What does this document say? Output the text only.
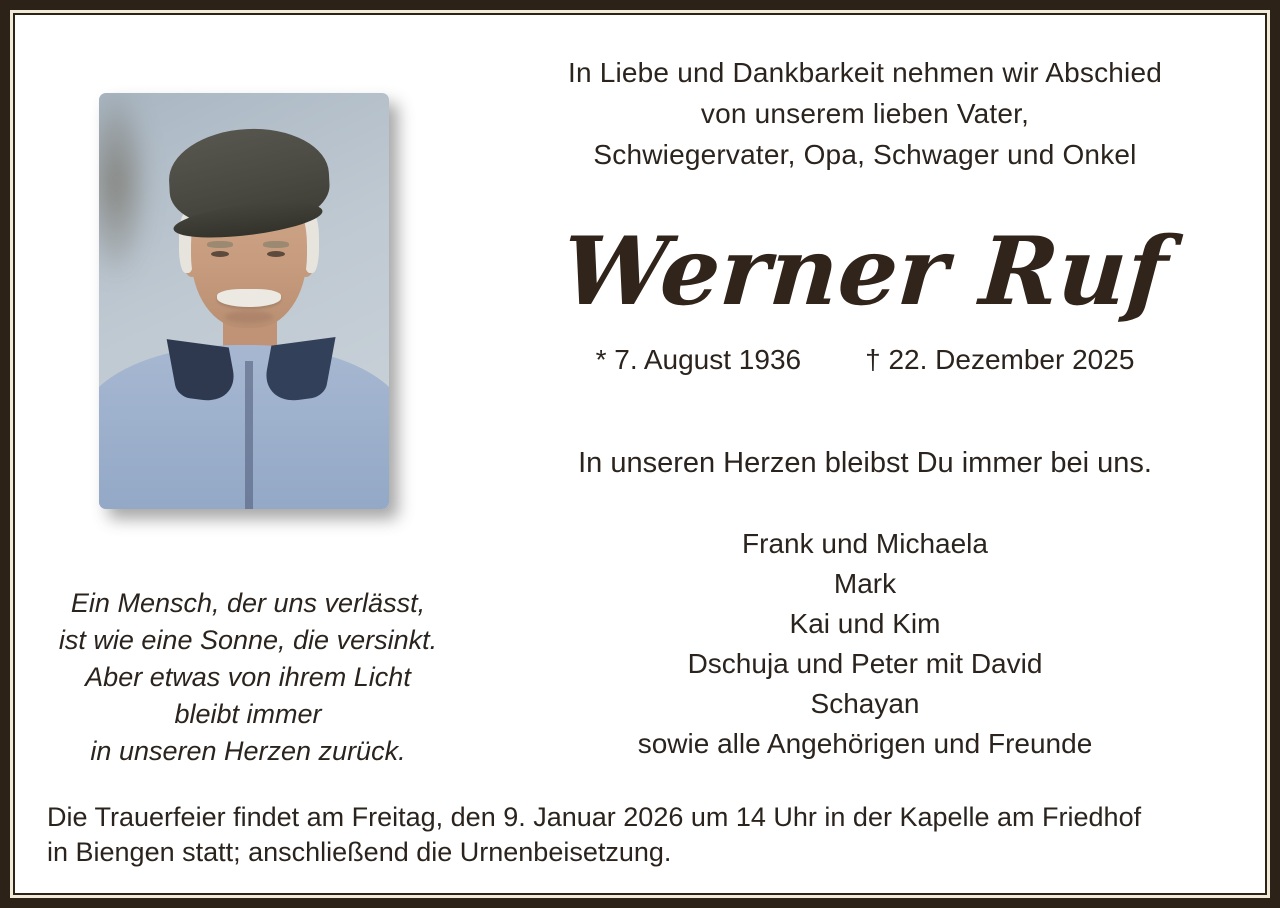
In Liebe und Dankbarkeit nehmen wir Abschied
von unserem lieben Vater,
Schwiegervater, Opa, Schwager und Onkel
Werner Ruf
* 7. August 1936 † 22. Dezember 2025
In unseren Herzen bleibst Du immer bei uns.
Frank und Michaela
Mark
Kai und Kim
Dschuja und Peter mit David
Schayan
sowie alle Angehörigen und Freunde
Ein Mensch, der uns verlässt,
ist wie eine Sonne, die versinkt.
Aber etwas von ihrem Licht
bleibt immer
in unseren Herzen zurück.
Die Trauerfeier findet am Freitag, den 9. Januar 2026 um 14 Uhr in der Kapelle am Friedhof
in Biengen statt; anschließend die Urnenbeisetzung.
